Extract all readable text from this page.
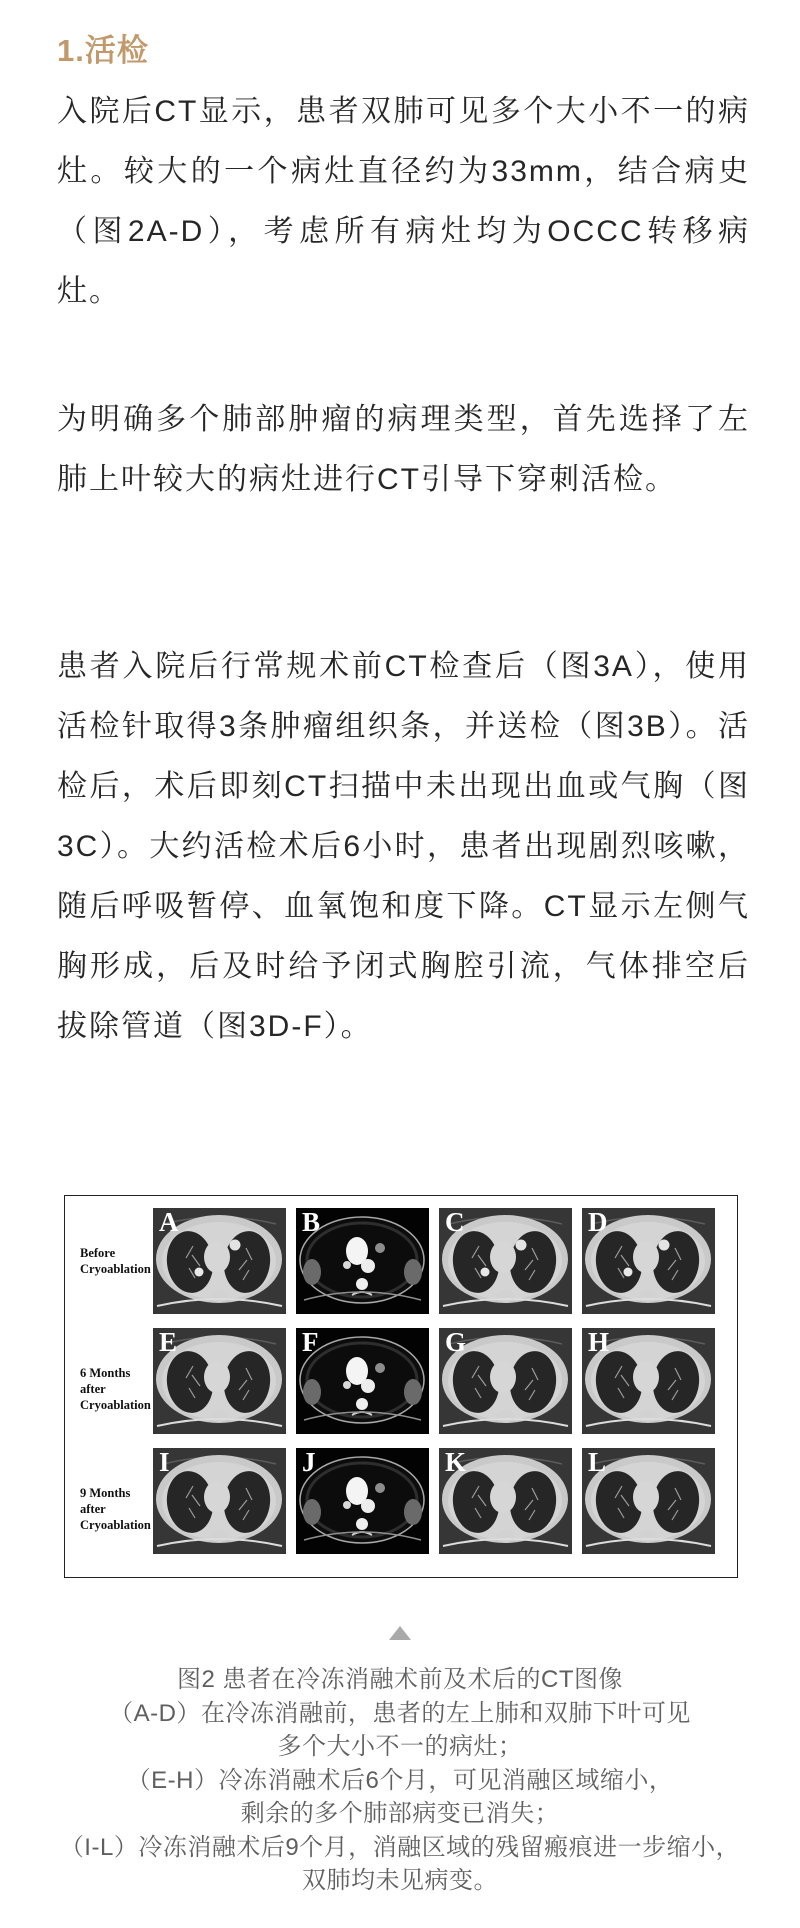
1.活检
入院后CT显示，患者双肺可见多个大小不一的病灶。较大的一个病灶直径约为33mm，结合病史（图2A-D），考虑所有病灶均为OCCC转移病灶。
为明确多个肺部肿瘤的病理类型，首先选择了左肺上叶较大的病灶进行CT引导下穿刺活检。
患者入院后行常规术前CT检查后（图3A），使用活检针取得3条肿瘤组织条，并送检（图3B）。活检后，术后即刻CT扫描中未出现出血或气胸（图3C）。大约活检术后6小时，患者出现剧烈咳嗽，随后呼吸暂停、血氧饱和度下降。CT显示左侧气胸形成，后及时给予闭式胸腔引流，气体排空后拔除管道（图3D-F）。
Before
Cryoablation
A	B	C	D
6 Months after
Cryoablation
E	F	G	H
9 Months after
Cryoablation
I	J	K	L
图2 患者在冷冻消融术前及术后的CT图像
（A-D）在冷冻消融前，患者的左上肺和双肺下叶可见
多个大小不一的病灶；
（E-H）冷冻消融术后6个月，可见消融区域缩小，
剩余的多个肺部病变已消失；
（I-L）冷冻消融术后9个月，消融区域的残留瘢痕进一步缩小，
双肺均未见病变。
